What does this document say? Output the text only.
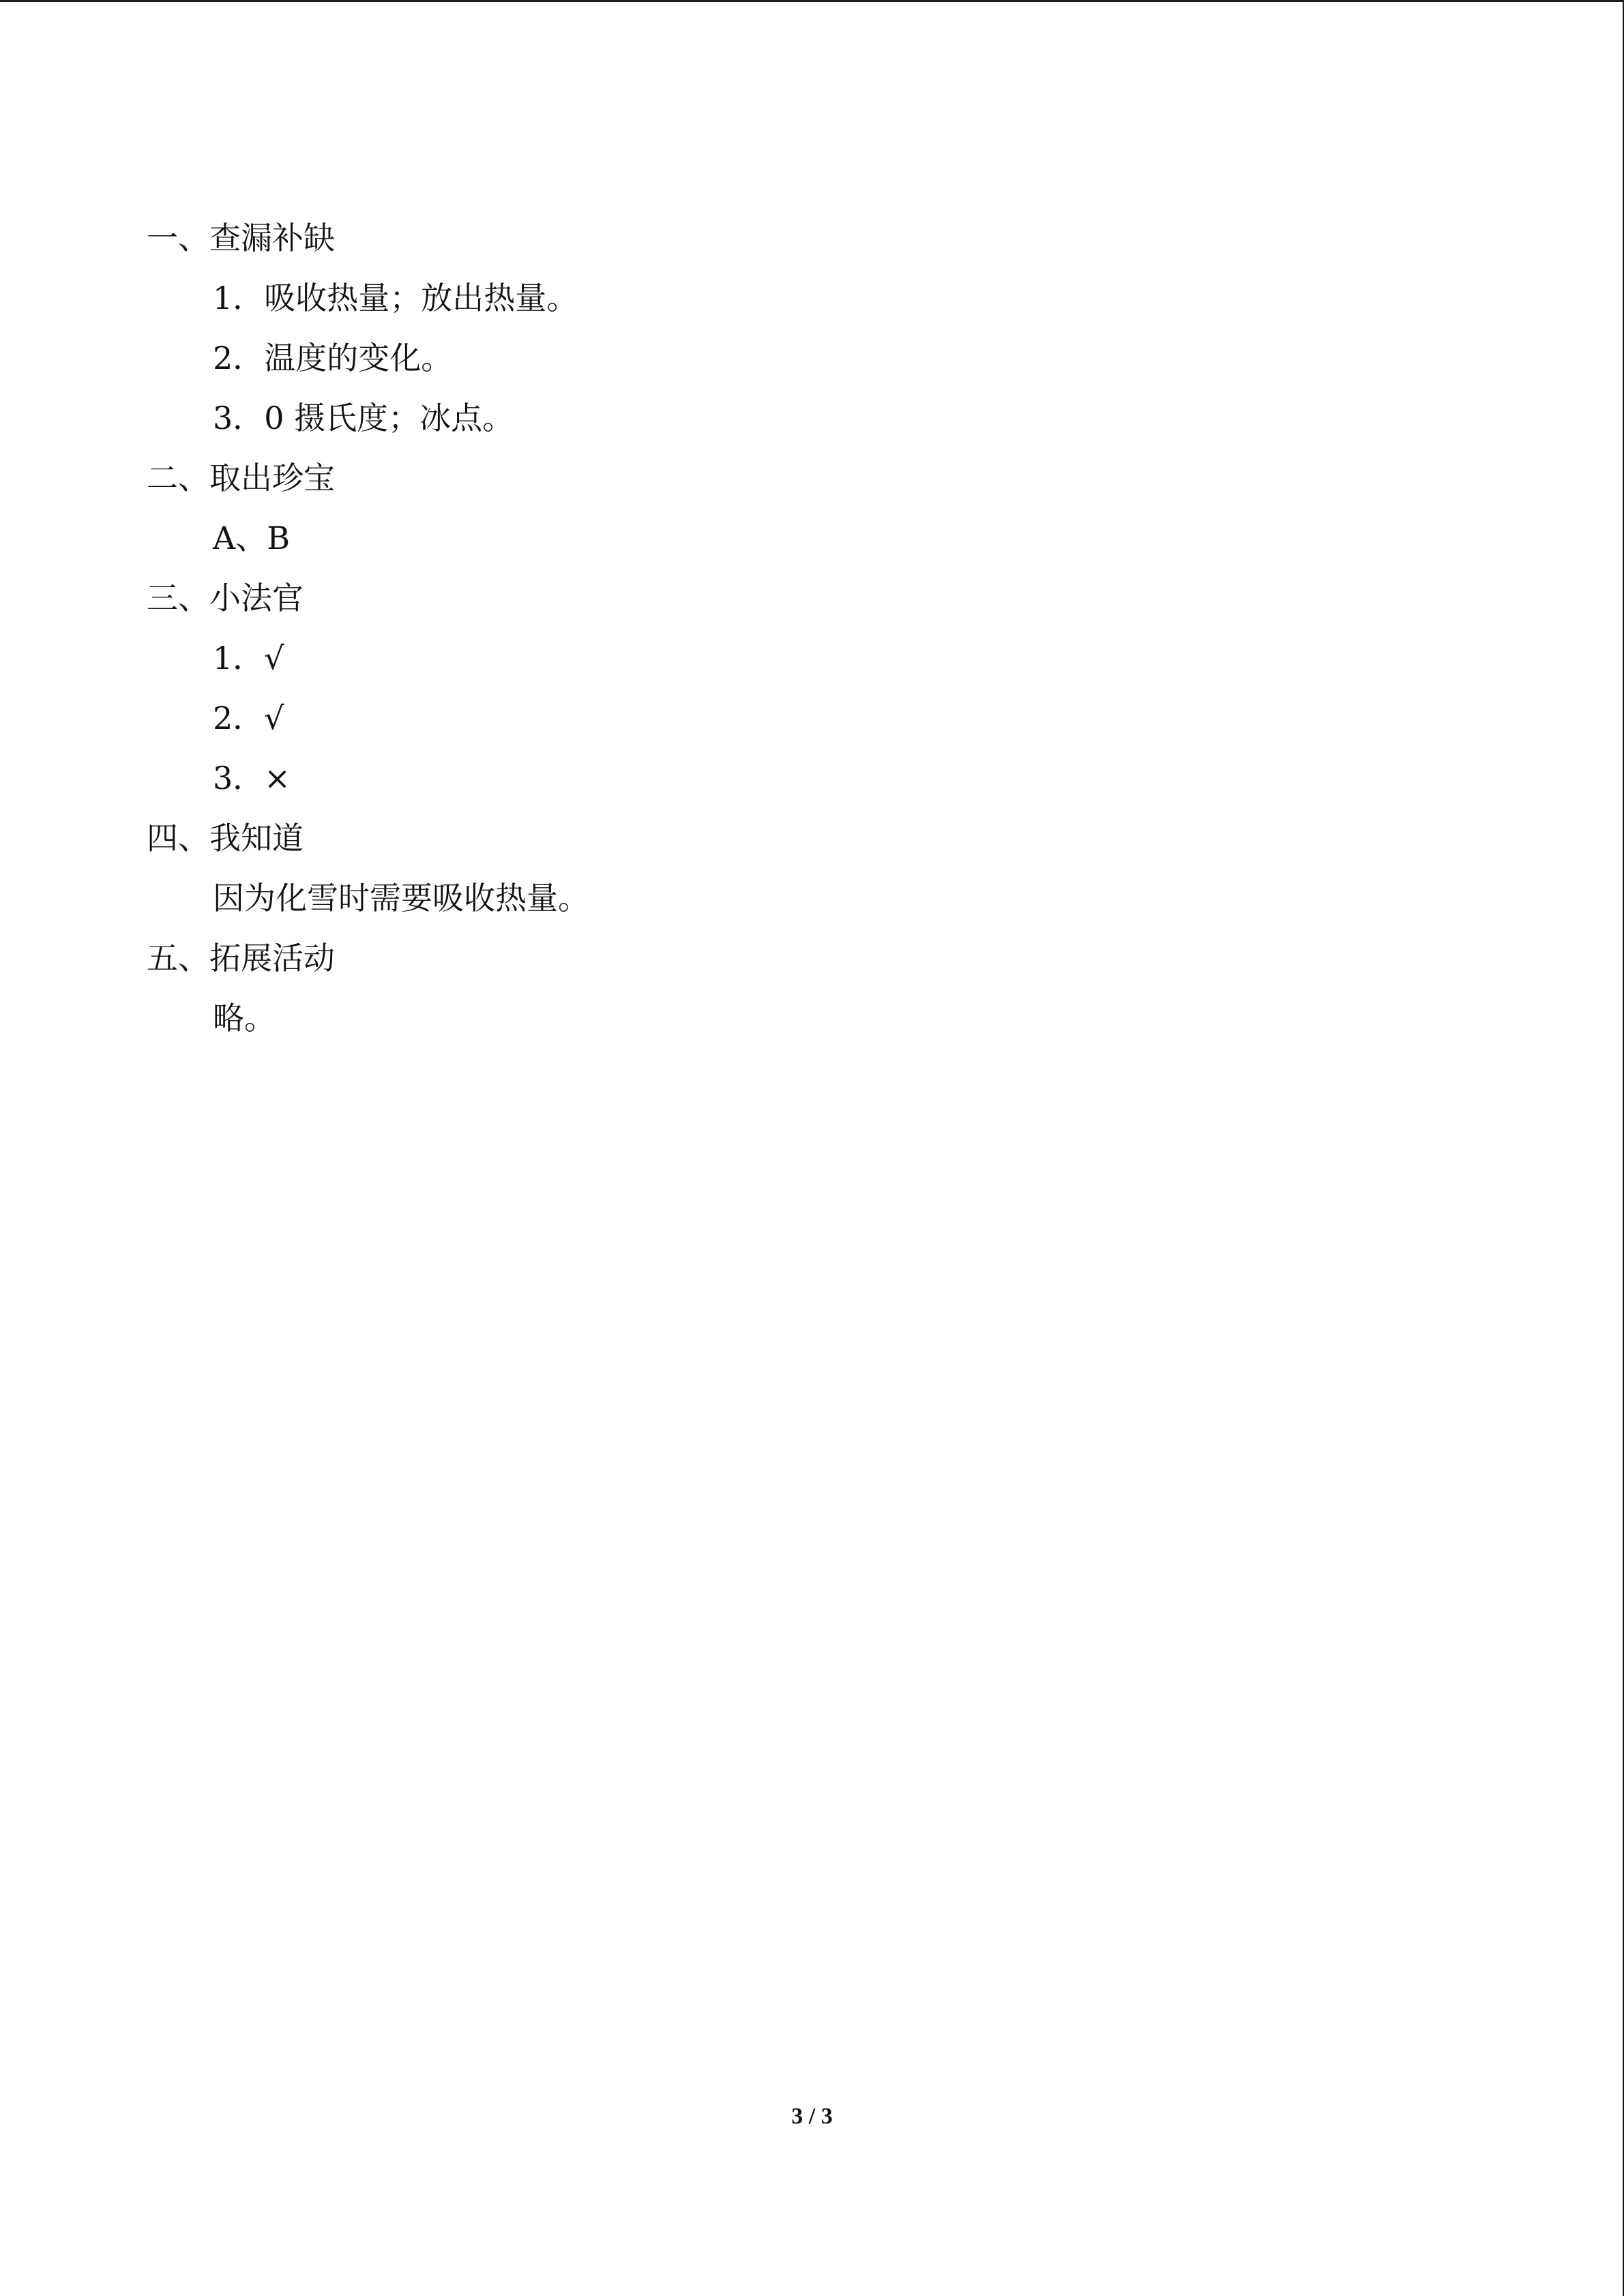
一、查漏补缺
1．吸收热量；放出热量。
2．温度的变化。
3．0 摄氏度；冰点。
二、取出珍宝
A、B
三、小法官
1．√
2．√
3．×
四、我知道
因为化雪时需要吸收热量。
五、拓展活动
略。
3 / 3
